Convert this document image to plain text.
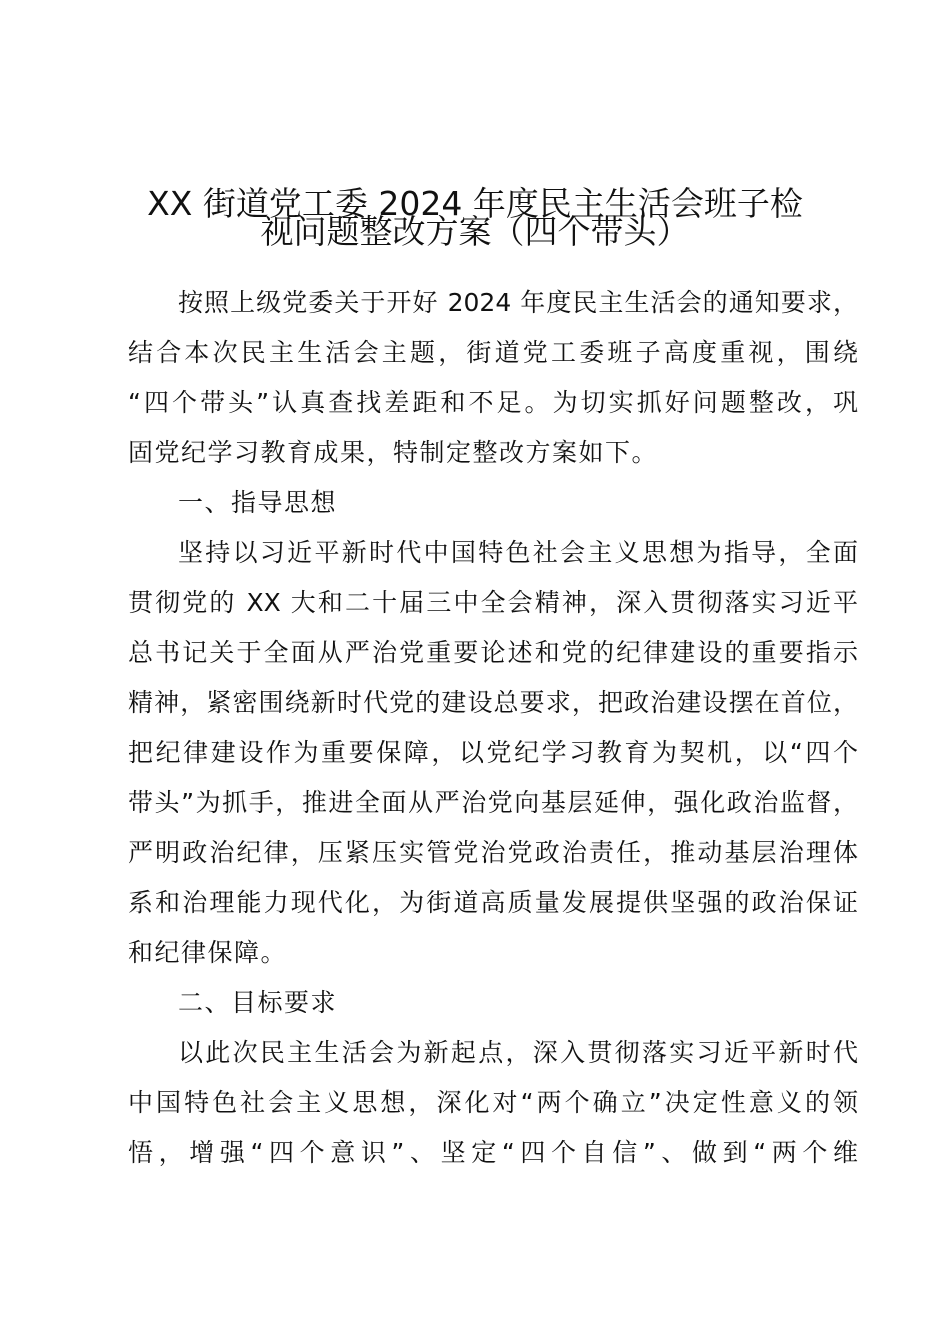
XX 街道党工委 2024 年度民主生活会班子检
视问题整改方案（四个带头）
按照上级党委关于开好 2024 年度民主生活会的通知要求，
结合本次民主生活会主题，街道党工委班子高度重视，围绕
“四个带头”认真查找差距和不足。为切实抓好问题整改，巩
固党纪学习教育成果，特制定整改方案如下。
一、指导思想
坚持以习近平新时代中国特色社会主义思想为指导，全面
贯彻党的 XX 大和二十届三中全会精神，深入贯彻落实习近平
总书记关于全面从严治党重要论述和党的纪律建设的重要指示
精神，紧密围绕新时代党的建设总要求，把政治建设摆在首位，
把纪律建设作为重要保障，以党纪学习教育为契机，以“四个
带头”为抓手，推进全面从严治党向基层延伸，强化政治监督，
严明政治纪律，压紧压实管党治党政治责任，推动基层治理体
系和治理能力现代化，为街道高质量发展提供坚强的政治保证
和纪律保障。
二、目标要求
以此次民主生活会为新起点，深入贯彻落实习近平新时代
中国特色社会主义思想，深化对“两个确立”决定性意义的领
悟，增强“四个意识”、坚定“四个自信”、做到“两个维
